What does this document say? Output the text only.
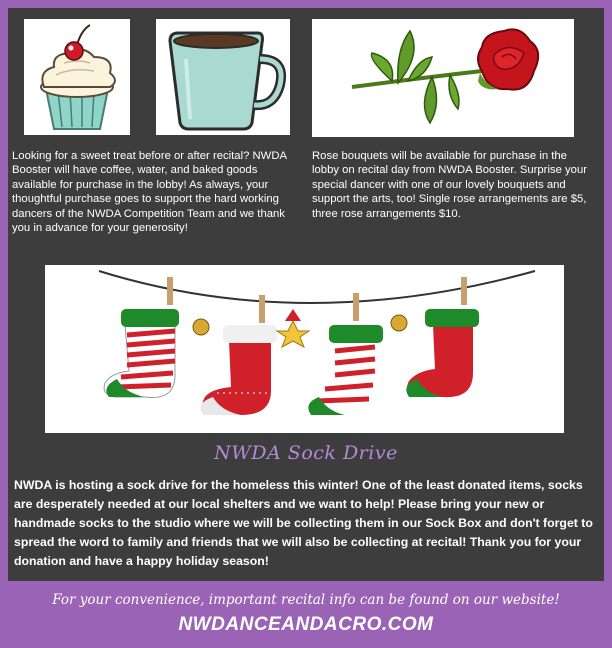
Looking for a sweet treat before or after recital? NWDA Booster will have coffee, water, and baked goods available for purchase in the lobby! As always, your thoughtful purchase goes to support the hard working dancers of the NWDA Competition Team and we thank you in advance for your generosity!
Rose bouquets will be available for purchase in the lobby on recital day from NWDA Booster. Surprise your special dancer with one of our lovely bouquets and support the arts, too! Single rose arrangements are $5, three rose arrangements $10.
NWDA Sock Drive
NWDA is hosting a sock drive for the homeless this winter! One of the least donated items, socks are desperately needed at our local shelters and we want to help! Please bring your new or handmade socks to the studio where we will be collecting them in our Sock Box and don't forget to spread the word to family and friends that we will also be collecting at recital! Thank you for your donation and have a happy holiday season!
For your convenience, important recital info can be found on our website!
NWDANCEANDACRO.COM
